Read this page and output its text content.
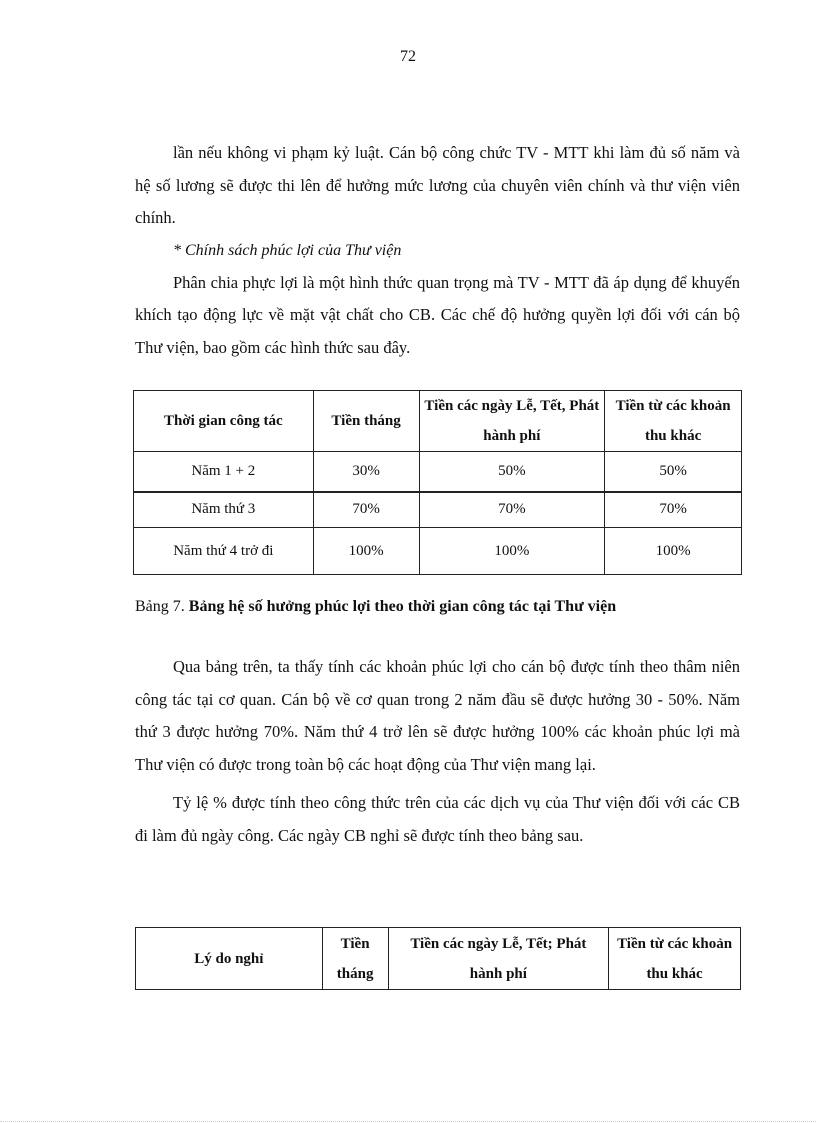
72

lần nếu không vi phạm kỷ luật. Cán bộ công chức TV - MTT khi làm đủ số năm và hệ số lương sẽ được thi lên để hưởng mức lương của chuyên viên chính và thư viện viên chính.

* Chính sách phúc lợi của Thư viện

Phân chia phực lợi là một hình thức quan trọng mà TV - MTT đã áp dụng để khuyến khích tạo động lực về mặt vật chất cho CB. Các chế độ hưởng quyền lợi đối với cán bộ Thư viện, bao gồm các hình thức sau đây.

Thời gian công tác	Tiền tháng	Tiền các ngày Lễ, Tết, Phát hành phí	Tiền từ các khoản thu khác
Năm 1 + 2	30%	50%	50%
Năm thứ 3	70%	70%	70%
Năm thứ 4 trở đi	100%	100%	100%
Bảng 7. Bảng hệ số hưởng phúc lợi theo thời gian công tác tại Thư viện

Qua bảng trên, ta thấy tính các khoản phúc lợi cho cán bộ được tính theo thâm niên công tác tại cơ quan. Cán bộ về cơ quan trong 2 năm đầu sẽ được hưởng 30 - 50%. Năm thứ 3 được hưởng 70%. Năm thứ 4 trở lên sẽ được hưởng 100% các khoản phúc lợi mà Thư viện có được trong toàn bộ các hoạt động của Thư viện mang lại.

Tỷ lệ % được tính theo công thức trên của các dịch vụ của Thư viện đối với các CB đi làm đủ ngày công. Các ngày CB nghỉ sẽ được tính theo bảng sau.

Lý do nghỉ	Tiền tháng	Tiền các ngày Lễ, Tết; Phát hành phí	Tiền từ các khoản thu khác
